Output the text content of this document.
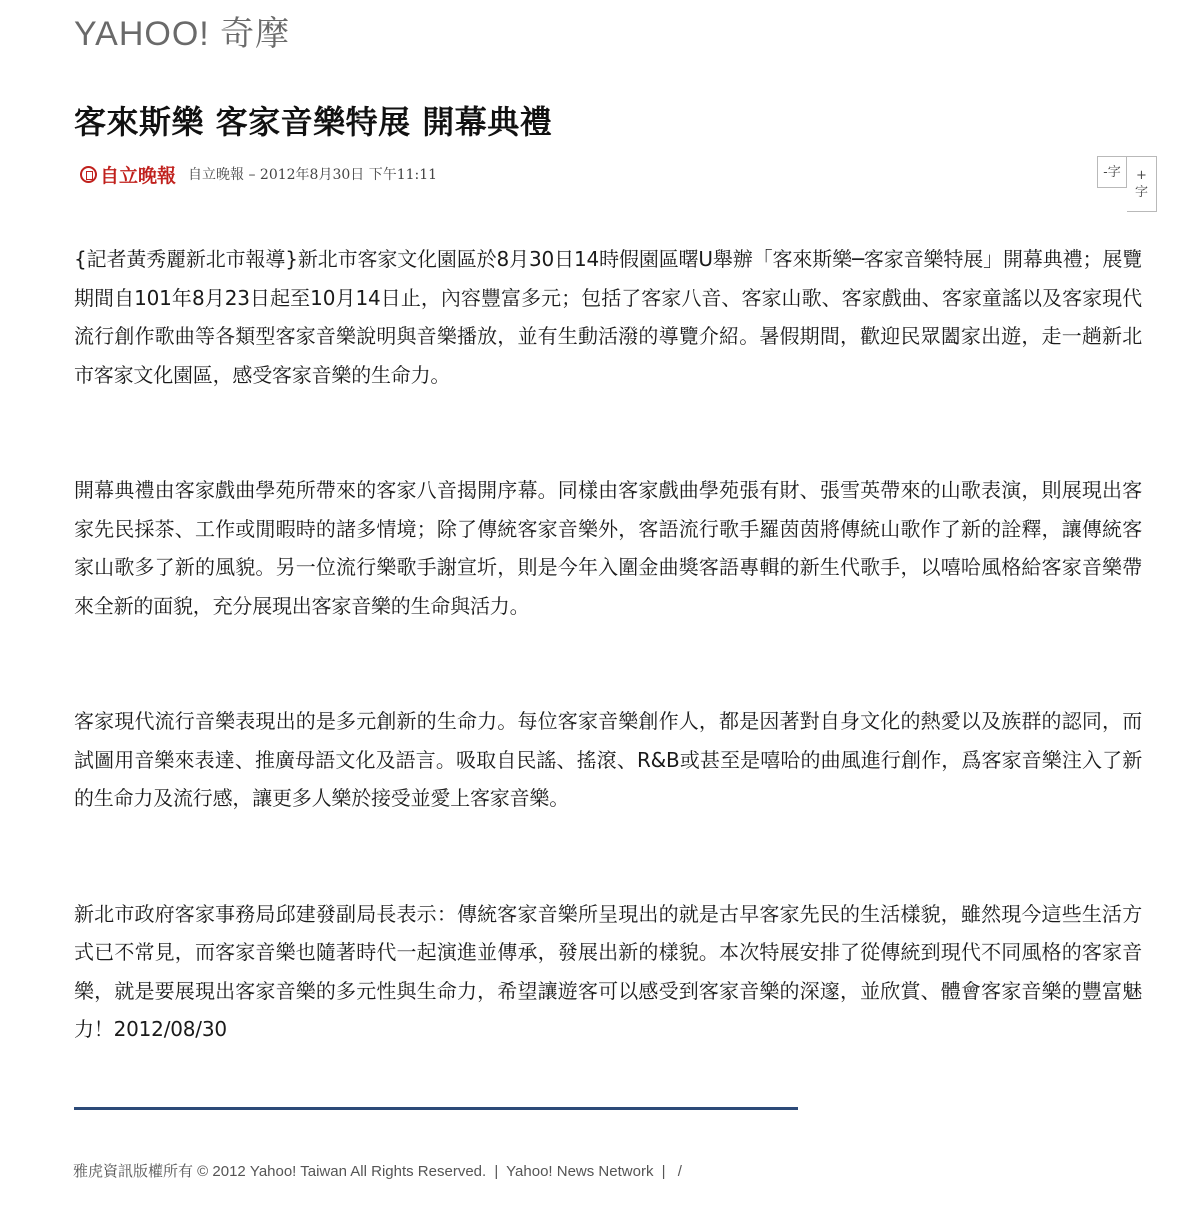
YAHOO! 奇摩
客來斯樂 客家音樂特展 開幕典禮
自立晚報 自立晚報 – 2012年8月30日 下午11:11	-字 +
字

{記者黃秀麗新北市報導}新北市客家文化園區於8月30日14時假園區曙U舉辦「客來斯樂─客家音樂特展」開幕典禮；展覽期間自101年8月23日起至10月14日止，內容豐富多元；包括了客家八音、客家山歌、客家戲曲、客家童謠以及客家現代流行創作歌曲等各類型客家音樂說明與音樂播放，並有生動活潑的導覽介紹。暑假期間，歡迎民眾闔家出遊，走一趟新北市客家文化園區，感受客家音樂的生命力。

開幕典禮由客家戲曲學苑所帶來的客家八音揭開序幕。同樣由客家戲曲學苑張有財、張雪英帶來的山歌表演，則展現出客家先民採茶、工作或閒暇時的諸多情境；除了傳統客家音樂外，客語流行歌手羅茵茵將傳統山歌作了新的詮釋，讓傳統客家山歌多了新的風貌。另一位流行樂歌手謝宣圻，則是今年入圍金曲獎客語專輯的新生代歌手，以嘻哈風格給客家音樂帶來全新的面貌，充分展現出客家音樂的生命與活力。

客家現代流行音樂表現出的是多元創新的生命力。每位客家音樂創作人，都是因著對自身文化的熱愛以及族群的認同，而試圖用音樂來表達、推廣母語文化及語言。吸取自民謠、搖滾、R&B或甚至是嘻哈的曲風進行創作，爲客家音樂注入了新的生命力及流行感，讓更多人樂於接受並愛上客家音樂。

新北市政府客家事務局邱建發副局長表示：傳統客家音樂所呈現出的就是古早客家先民的生活樣貌，雖然現今這些生活方式已不常見，而客家音樂也隨著時代一起演進並傳承，發展出新的樣貌。本次特展安排了從傳統到現代不同風格的客家音樂，就是要展現出客家音樂的多元性與生命力，希望讓遊客可以感受到客家音樂的深邃，並欣賞、體會客家音樂的豐富魅力！2012/08/30

雅虎資訊版權所有 © 2012 Yahoo! Taiwan All Rights Reserved. | Yahoo! News Network | /
